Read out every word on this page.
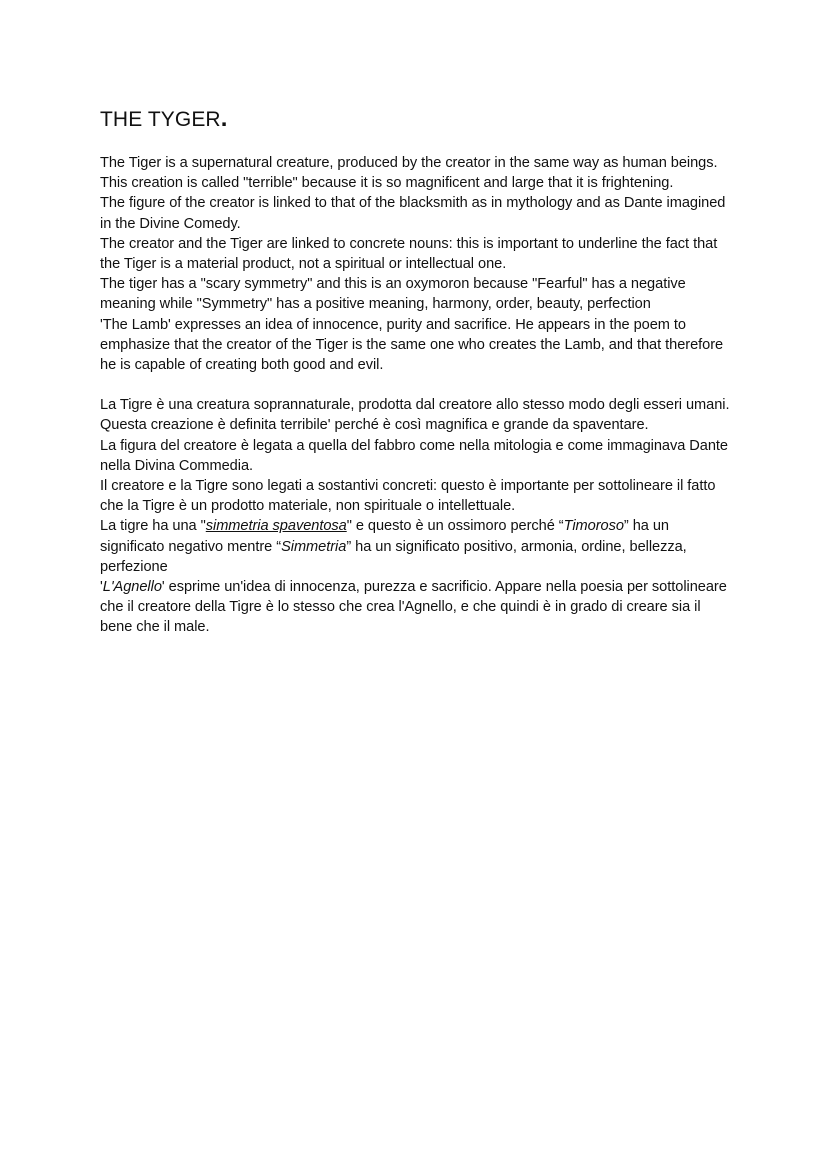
THE TYGER.

The Tiger is a supernatural creature, produced by the creator in the same way as human beings. This creation is called "terrible" because it is so magnificent and large that it is frightening.

The figure of the creator is linked to that of the blacksmith as in mythology and as Dante imagined in the Divine Comedy.

The creator and the Tiger are linked to concrete nouns: this is important to underline the fact that the Tiger is a material product, not a spiritual or intellectual one.

The tiger has a "scary symmetry" and this is an oxymoron because "Fearful" has a negative meaning while "Symmetry" has a positive meaning, harmony, order, beauty, perfection

'The Lamb' expresses an idea of innocence, purity and sacrifice. He appears in the poem to emphasize that the creator of the Tiger is the same one who creates the Lamb, and that therefore he is capable of creating both good and evil.

La Tigre è una creatura soprannaturale, prodotta dal creatore allo stesso modo degli esseri umani. Questa creazione è definita terribile' perché è così magnifica e grande da spaventare.

La figura del creatore è legata a quella del fabbro come nella mitologia e come immaginava Dante nella Divina Commedia.

Il creatore e la Tigre sono legati a sostantivi concreti: questo è importante per sottolineare il fatto che la Tigre è un prodotto materiale, non spirituale o intellettuale.

La tigre ha una "simmetria spaventosa" e questo è un ossimoro perché “Timoroso” ha un significato negativo mentre “Simmetria” ha un significato positivo, armonia, ordine, bellezza, perfezione

'L'Agnello' esprime un'idea di innocenza, purezza e sacrificio. Appare nella poesia per sottolineare che il creatore della Tigre è lo stesso che crea l'Agnello, e che quindi è in grado di creare sia il bene che il male.
